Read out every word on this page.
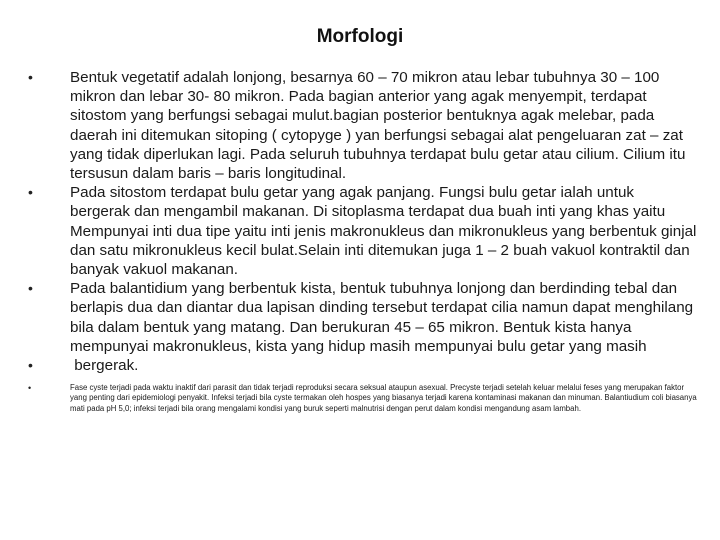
Morfologi
•	Bentuk vegetatif adalah lonjong, besarnya 60 – 70 mikron atau lebar tubuhnya 30 – 100 mikron dan lebar 30- 80 mikron. Pada bagian anterior yang agak menyempit, terdapat sitostom yang berfungsi sebagai mulut.bagian posterior bentuknya agak melebar, pada daerah ini ditemukan sitoping ( cytopyge ) yan berfungsi sebagai alat pengeluaran zat – zat yang tidak diperlukan lagi. Pada seluruh tubuhnya terdapat bulu getar atau cilium. Cilium itu tersusun dalam baris – baris longitudinal.
•	Pada sitostom terdapat bulu getar yang agak panjang. Fungsi bulu getar ialah untuk bergerak dan mengambil makanan. Di sitoplasma terdapat dua buah inti yang khas yaitu Mempunyai inti dua tipe yaitu inti jenis makronukleus dan mikronukleus yang berbentuk ginjal dan satu mikronukleus kecil bulat.Selain inti ditemukan juga 1 – 2 buah vakuol kontraktil dan banyak vakuol makanan.
•	Pada balantidium yang berbentuk kista, bentuk tubuhnya lonjong dan berdinding tebal dan berlapis dua dan diantar dua lapisan dinding tersebut terdapat cilia namun dapat menghilang bila dalam bentuk yang matang. Dan berukuran 45 – 65 mikron. Bentuk kista hanya mempunyai makronukleus, kista yang hidup masih mempunyai bulu getar yang masih
•	bergerak.
•	Fase cyste terjadi pada waktu inaktif dari parasit dan tidak terjadi reproduksi secara seksual ataupun asexual. Precyste terjadi setelah keluar melalui feses yang merupakan faktor yang penting dari epidemiologi penyakit. Infeksi terjadi bila cyste termakan oleh hospes yang biasanya terjadi karena kontaminasi makanan dan minuman. Balantiudium coli biasanya mati pada pH 5,0; infeksi terjadi bila orang mengalami kondisi yang buruk seperti malnutrisi dengan perut dalam kondisi mengandung asam lambah.
